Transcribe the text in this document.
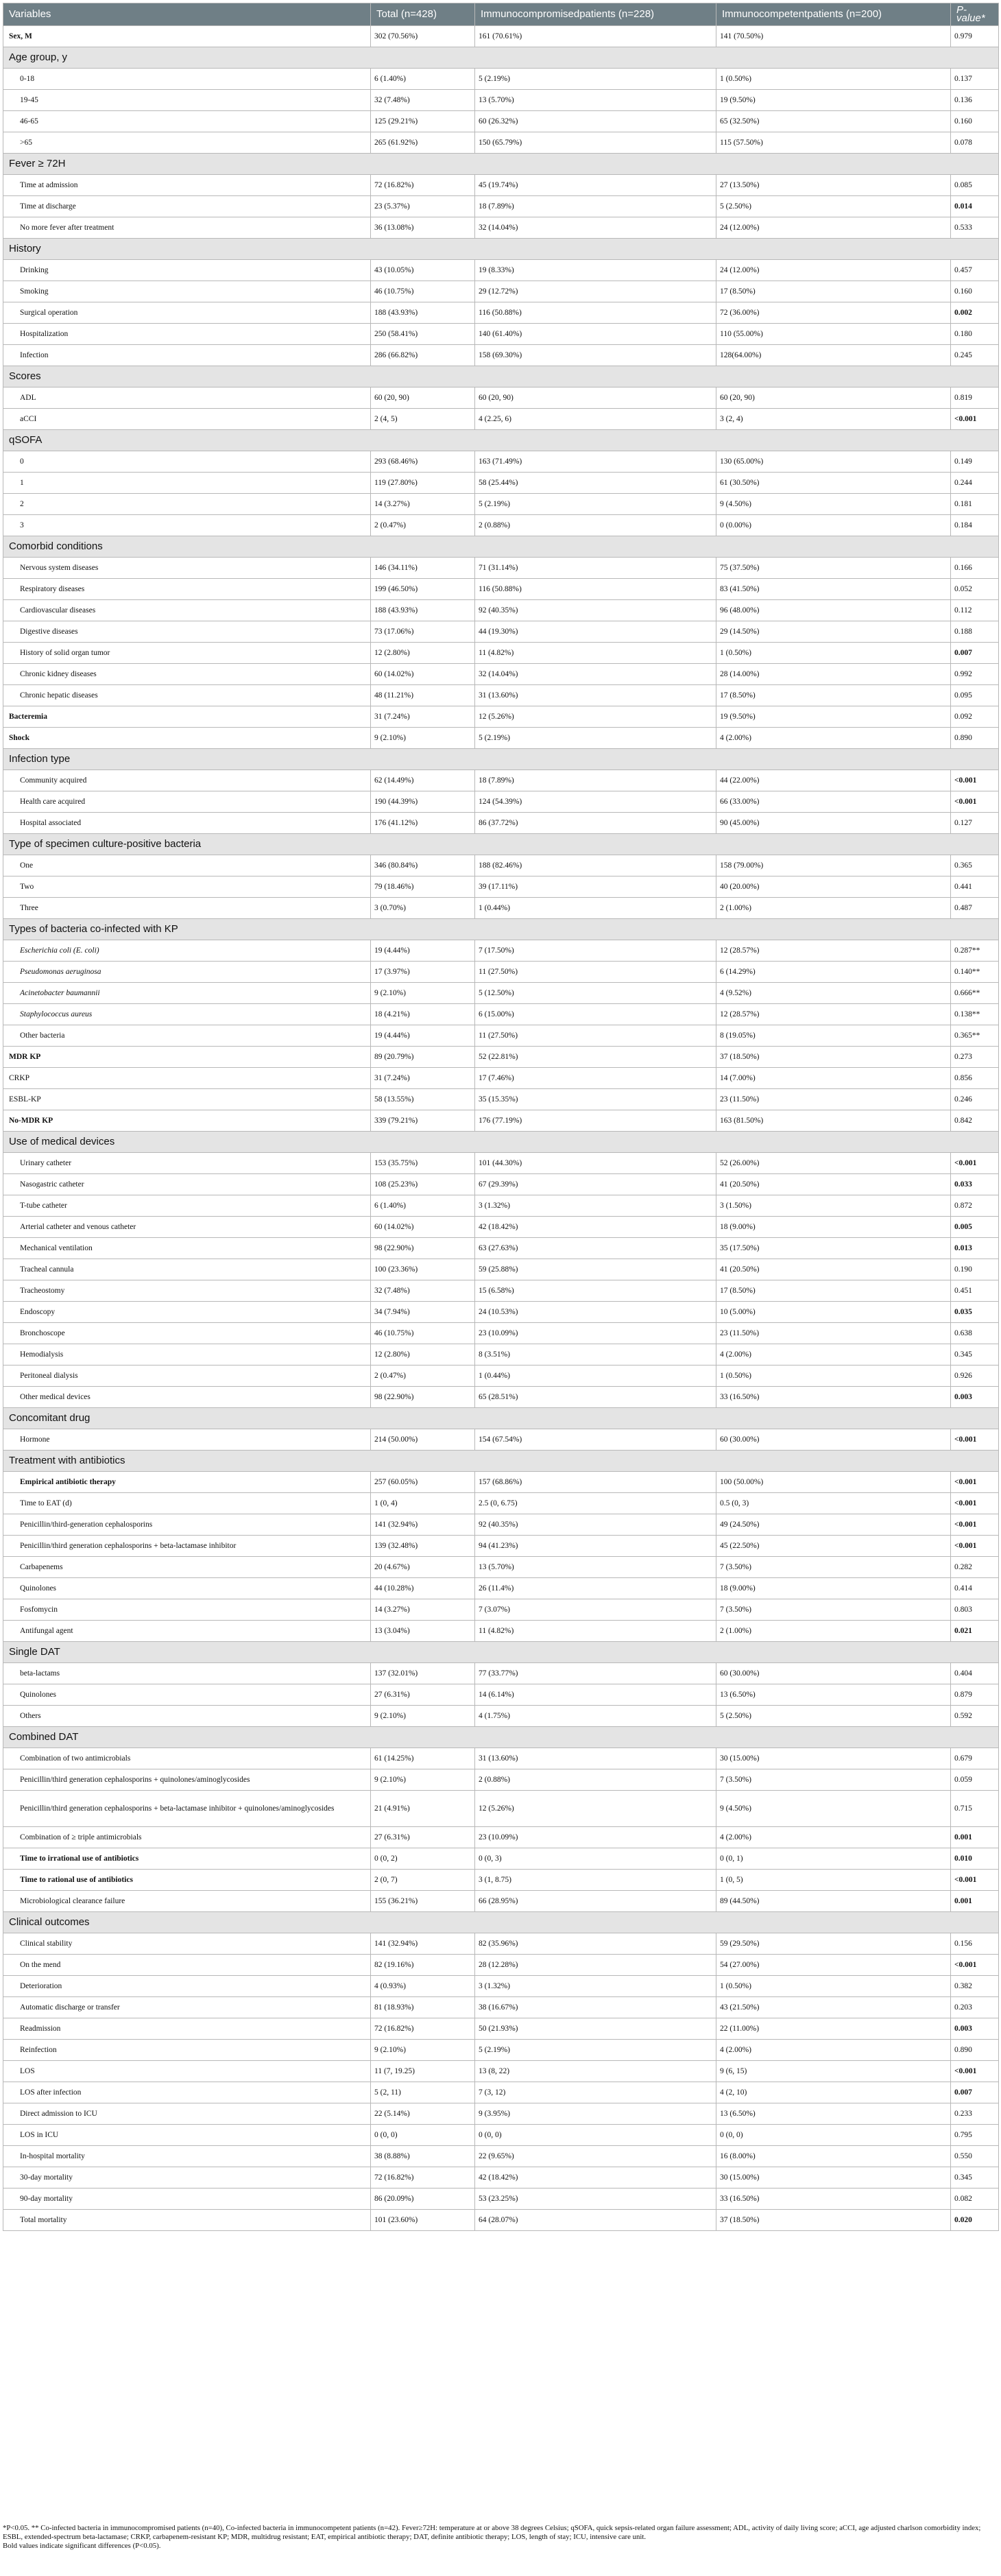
Variables	Total (n=428)	Immunocompromisedpatients (n=228)	Immunocompetentpatients (n=200)	P-value*
Sex, M	302 (70.56%)	161 (70.61%)	141 (70.50%)	0.979
Age group, y				
0-18	6 (1.40%)	5 (2.19%)	1 (0.50%)	0.137
19-45	32 (7.48%)	13 (5.70%)	19 (9.50%)	0.136
46-65	125 (29.21%)	60 (26.32%)	65 (32.50%)	0.160
>65	265 (61.92%)	150 (65.79%)	115 (57.50%)	0.078
Fever ≥ 72H				
Time at admission	72 (16.82%)	45 (19.74%)	27 (13.50%)	0.085
Time at discharge	23 (5.37%)	18 (7.89%)	5 (2.50%)	0.014
No more fever after treatment	36 (13.08%)	32 (14.04%)	24 (12.00%)	0.533
History				
Drinking	43 (10.05%)	19 (8.33%)	24 (12.00%)	0.457
Smoking	46 (10.75%)	29 (12.72%)	17 (8.50%)	0.160
Surgical operation	188 (43.93%)	116 (50.88%)	72 (36.00%)	0.002
Hospitalization	250 (58.41%)	140 (61.40%)	110 (55.00%)	0.180
Infection	286 (66.82%)	158 (69.30%)	128(64.00%)	0.245
Scores				
ADL	60 (20, 90)	60 (20, 90)	60 (20, 90)	0.819
aCCI	2 (4, 5)	4 (2.25, 6)	3 (2, 4)	<0.001
qSOFA				
0	293 (68.46%)	163 (71.49%)	130 (65.00%)	0.149
1	119 (27.80%)	58 (25.44%)	61 (30.50%)	0.244
2	14 (3.27%)	5 (2.19%)	9 (4.50%)	0.181
3	2 (0.47%)	2 (0.88%)	0 (0.00%)	0.184
Comorbid conditions				
Nervous system diseases	146 (34.11%)	71 (31.14%)	75 (37.50%)	0.166
Respiratory diseases	199 (46.50%)	116 (50.88%)	83 (41.50%)	0.052
Cardiovascular diseases	188 (43.93%)	92 (40.35%)	96 (48.00%)	0.112
Digestive diseases	73 (17.06%)	44 (19.30%)	29 (14.50%)	0.188
History of solid organ tumor	12 (2.80%)	11 (4.82%)	1 (0.50%)	0.007
Chronic kidney diseases	60 (14.02%)	32 (14.04%)	28 (14.00%)	0.992
Chronic hepatic diseases	48 (11.21%)	31 (13.60%)	17 (8.50%)	0.095
Bacteremia	31 (7.24%)	12 (5.26%)	19 (9.50%)	0.092
Shock	9 (2.10%)	5 (2.19%)	4 (2.00%)	0.890
Infection type				
Community acquired	62 (14.49%)	18 (7.89%)	44 (22.00%)	<0.001
Health care acquired	190 (44.39%)	124 (54.39%)	66 (33.00%)	<0.001
Hospital associated	176 (41.12%)	86 (37.72%)	90 (45.00%)	0.127
Type of specimen culture-positive bacteria				
One	346 (80.84%)	188 (82.46%)	158 (79.00%)	0.365
Two	79 (18.46%)	39 (17.11%)	40 (20.00%)	0.441
Three	3 (0.70%)	1 (0.44%)	2 (1.00%)	0.487
Types of bacteria co-infected with KP				
Escherichia coli (E. coli)	19 (4.44%)	7 (17.50%)	12 (28.57%)	0.287**
Pseudomonas aeruginosa	17 (3.97%)	11 (27.50%)	6 (14.29%)	0.140**
Acinetobacter baumannii	9 (2.10%)	5 (12.50%)	4 (9.52%)	0.666**
Staphylococcus aureus	18 (4.21%)	6 (15.00%)	12 (28.57%)	0.138**
Other bacteria	19 (4.44%)	11 (27.50%)	8 (19.05%)	0.365**
MDR KP	89 (20.79%)	52 (22.81%)	37 (18.50%)	0.273
CRKP	31 (7.24%)	17 (7.46%)	14 (7.00%)	0.856
ESBL-KP	58 (13.55%)	35 (15.35%)	23 (11.50%)	0.246
No-MDR KP	339 (79.21%)	176 (77.19%)	163 (81.50%)	0.842
Use of medical devices				
Urinary catheter	153 (35.75%)	101 (44.30%)	52 (26.00%)	<0.001
Nasogastric catheter	108 (25.23%)	67 (29.39%)	41 (20.50%)	0.033
T-tube catheter	6 (1.40%)	3 (1.32%)	3 (1.50%)	0.872
Arterial catheter and venous catheter	60 (14.02%)	42 (18.42%)	18 (9.00%)	0.005
Mechanical ventilation	98 (22.90%)	63 (27.63%)	35 (17.50%)	0.013
Tracheal cannula	100 (23.36%)	59 (25.88%)	41 (20.50%)	0.190
Tracheostomy	32 (7.48%)	15 (6.58%)	17 (8.50%)	0.451
Endoscopy	34 (7.94%)	24 (10.53%)	10 (5.00%)	0.035
Bronchoscope	46 (10.75%)	23 (10.09%)	23 (11.50%)	0.638
Hemodialysis	12 (2.80%)	8 (3.51%)	4 (2.00%)	0.345
Peritoneal dialysis	2 (0.47%)	1 (0.44%)	1 (0.50%)	0.926
Other medical devices	98 (22.90%)	65 (28.51%)	33 (16.50%)	0.003
Concomitant drug				
Hormone	214 (50.00%)	154 (67.54%)	60 (30.00%)	<0.001
Treatment with antibiotics				
Empirical antibiotic therapy	257 (60.05%)	157 (68.86%)	100 (50.00%)	<0.001
Time to EAT (d)	1 (0, 4)	2.5 (0, 6.75)	0.5 (0, 3)	<0.001
Penicillin/third-generation cephalosporins	141 (32.94%)	92 (40.35%)	49 (24.50%)	<0.001
Penicillin/third generation cephalosporins + beta-lactamase inhibitor	139 (32.48%)	94 (41.23%)	45 (22.50%)	<0.001
Carbapenems	20 (4.67%)	13 (5.70%)	7 (3.50%)	0.282
Quinolones	44 (10.28%)	26 (11.4%)	18 (9.00%)	0.414
Fosfomycin	14 (3.27%)	7 (3.07%)	7 (3.50%)	0.803
Antifungal agent	13 (3.04%)	11 (4.82%)	2 (1.00%)	0.021
Single DAT				
beta-lactams	137 (32.01%)	77 (33.77%)	60 (30.00%)	0.404
Quinolones	27 (6.31%)	14 (6.14%)	13 (6.50%)	0.879
Others	9 (2.10%)	4 (1.75%)	5 (2.50%)	0.592
Combined DAT				
Combination of two antimicrobials	61 (14.25%)	31 (13.60%)	30 (15.00%)	0.679
Penicillin/third generation cephalosporins + quinolones/aminoglycosides	9 (2.10%)	2 (0.88%)	7 (3.50%)	0.059
Penicillin/third generation cephalosporins + beta-lactamase inhibitor + quinolones/aminoglycosides	21 (4.91%)	12 (5.26%)	9 (4.50%)	0.715
Combination of ≥ triple antimicrobials	27 (6.31%)	23 (10.09%)	4 (2.00%)	0.001
Time to irrational use of antibiotics	0 (0, 2)	0 (0, 3)	0 (0, 1)	0.010
Time to rational use of antibiotics	2 (0, 7)	3 (1, 8.75)	1 (0, 5)	<0.001
Microbiological clearance failure	155 (36.21%)	66 (28.95%)	89 (44.50%)	0.001
Clinical outcomes				
Clinical stability	141 (32.94%)	82 (35.96%)	59 (29.50%)	0.156
On the mend	82 (19.16%)	28 (12.28%)	54 (27.00%)	<0.001
Deterioration	4 (0.93%)	3 (1.32%)	1 (0.50%)	0.382
Automatic discharge or transfer	81 (18.93%)	38 (16.67%)	43 (21.50%)	0.203
Readmission	72 (16.82%)	50 (21.93%)	22 (11.00%)	0.003
Reinfection	9 (2.10%)	5 (2.19%)	4 (2.00%)	0.890
LOS	11 (7, 19.25)	13 (8, 22)	9 (6, 15)	<0.001
LOS after infection	5 (2, 11)	7 (3, 12)	4 (2, 10)	0.007
Direct admission to ICU	22 (5.14%)	9 (3.95%)	13 (6.50%)	0.233
LOS in ICU	0 (0, 0)	0 (0, 0)	0 (0, 0)	0.795
In-hospital mortality	38 (8.88%)	22 (9.65%)	16 (8.00%)	0.550
30-day mortality	72 (16.82%)	42 (18.42%)	30 (15.00%)	0.345
90-day mortality	86 (20.09%)	53 (23.25%)	33 (16.50%)	0.082
Total mortality	101 (23.60%)	64 (28.07%)	37 (18.50%)	0.020

*P<0.05. ** Co-infected bacteria in immunocompromised patients (n=40), Co-infected bacteria in immunocompetent patients (n=42). Fever≥72H: temperature at or above 38 degrees Celsius; qSOFA, quick sepsis-related organ failure assessment; ADL, activity of daily living score; aCCI, age adjusted charlson comorbidity index; ESBL, extended-spectrum beta-lactamase; CRKP, carbapenem-resistant KP; MDR, multidrug resistant; EAT, empirical antibiotic therapy; DAT, definite antibiotic therapy; LOS, length of stay; ICU, intensive care unit.

Bold values indicate significant differences (P<0.05).
